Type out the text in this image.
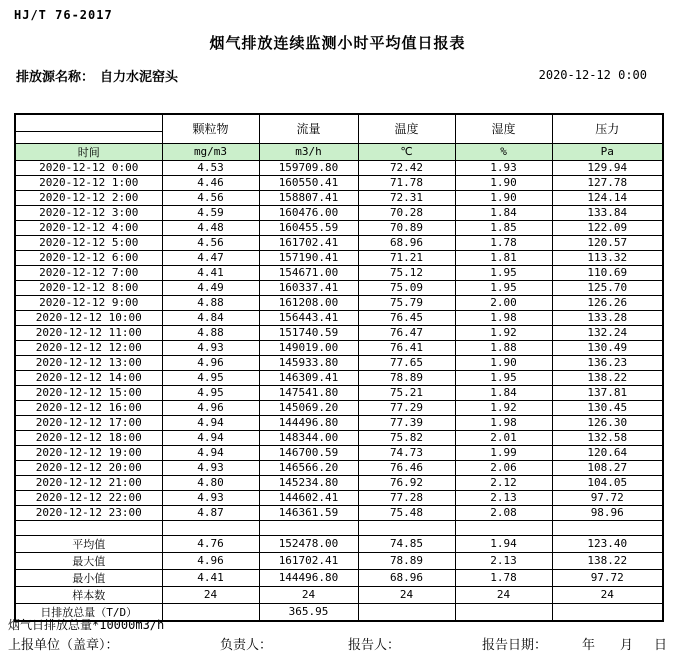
HJ/T 76-2017
烟气排放连续监测小时平均值日报表
排放源名称： 自力水泥窑头	2020-12-12 0:00
	颗粒物	流量	温度	湿度	压力

时间	mg/m3	m3/h	℃	%	Pa
2020-12-12 0:00	4.53	159709.80	72.42	1.93	129.94
2020-12-12 1:00	4.46	160550.41	71.78	1.90	127.78
2020-12-12 2:00	4.56	158807.41	72.31	1.90	124.14
2020-12-12 3:00	4.59	160476.00	70.28	1.84	133.84
2020-12-12 4:00	4.48	160455.59	70.89	1.85	122.09
2020-12-12 5:00	4.56	161702.41	68.96	1.78	120.57
2020-12-12 6:00	4.47	157190.41	71.21	1.81	113.32
2020-12-12 7:00	4.41	154671.00	75.12	1.95	110.69
2020-12-12 8:00	4.49	160337.41	75.09	1.95	125.70
2020-12-12 9:00	4.88	161208.00	75.79	2.00	126.26
2020-12-12 10:00	4.84	156443.41	76.45	1.98	133.28
2020-12-12 11:00	4.88	151740.59	76.47	1.92	132.24
2020-12-12 12:00	4.93	149019.00	76.41	1.88	130.49
2020-12-12 13:00	4.96	145933.80	77.65	1.90	136.23
2020-12-12 14:00	4.95	146309.41	78.89	1.95	138.22
2020-12-12 15:00	4.95	147541.80	75.21	1.84	137.81
2020-12-12 16:00	4.96	145069.20	77.29	1.92	130.45
2020-12-12 17:00	4.94	144496.80	77.39	1.98	126.30
2020-12-12 18:00	4.94	148344.00	75.82	2.01	132.58
2020-12-12 19:00	4.94	146700.59	74.73	1.99	120.64
2020-12-12 20:00	4.93	146566.20	76.46	2.06	108.27
2020-12-12 21:00	4.80	145234.80	76.92	2.12	104.05
2020-12-12 22:00	4.93	144602.41	77.28	2.13	97.72
2020-12-12 23:00	4.87	146361.59	75.48	2.08	98.96

平均值	4.76	152478.00	74.85	1.94	123.40
最大值	4.96	161702.41	78.89	2.13	138.22
最小值	4.41	144496.80	68.96	1.78	97.72
样本数	24	24	24	24	24
日排放总量（T/D）		365.95			
烟气日排放总量*10000m3/h
上报单位（盖章）：	负责人：	报告人：	报告日期：	年 月 日
